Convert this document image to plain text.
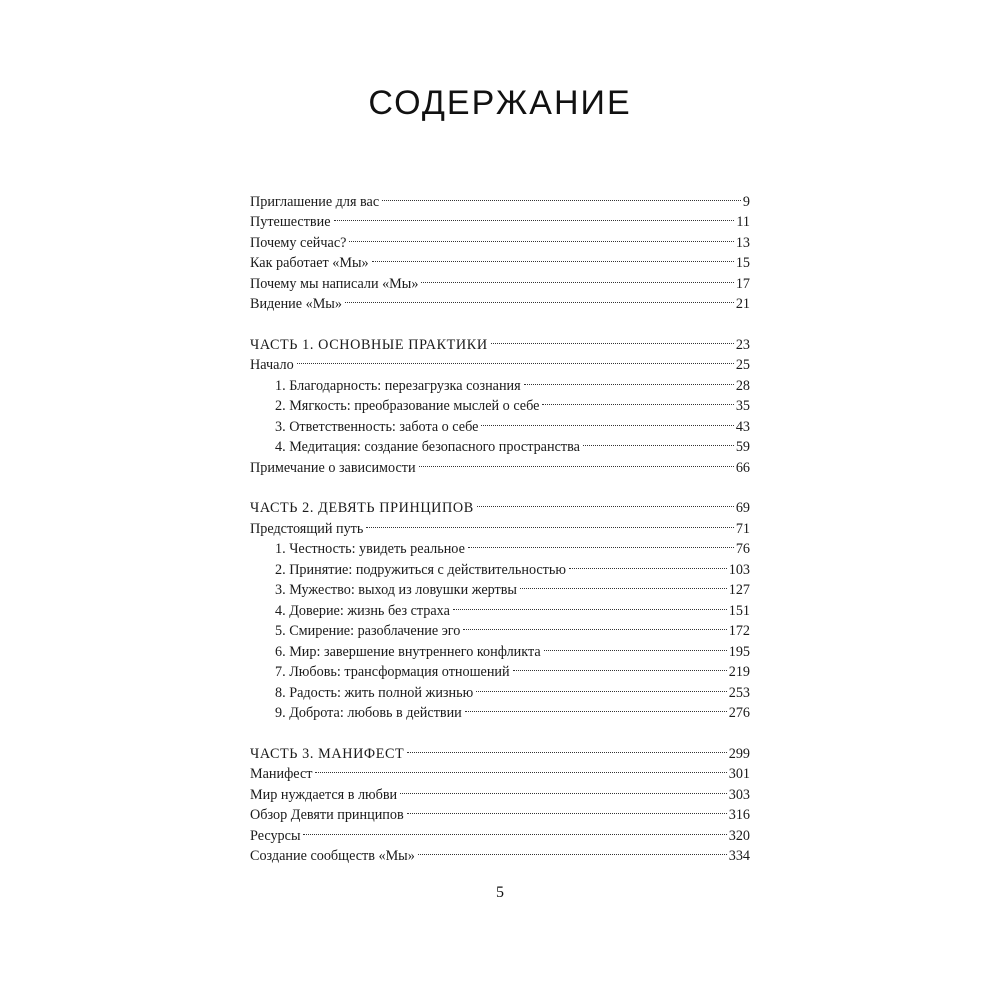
СОДЕРЖАНИЕ
Приглашение для вас	9
Путешествие	11
Почему сейчас?	13
Как работает «Мы»	15
Почему мы написали «Мы»	17
Видение «Мы»	21
ЧАСТЬ 1. ОСНОВНЫЕ ПРАКТИКИ	23
Начало	25
1. Благодарность: перезагрузка сознания	28
2. Мягкость: преобразование мыслей о себе	35
3. Ответственность: забота о себе	43
4. Медитация: создание безопасного пространства	59
Примечание о зависимости	66
ЧАСТЬ 2. ДЕВЯТЬ ПРИНЦИПОВ	69
Предстоящий путь	71
1. Честность: увидеть реальное	76
2. Принятие: подружиться с действительностью	103
3. Мужество: выход из ловушки жертвы	127
4. Доверие: жизнь без страха	151
5. Смирение: разоблачение эго	172
6. Мир: завершение внутреннего конфликта	195
7. Любовь: трансформация отношений	219
8. Радость: жить полной жизнью	253
9. Доброта: любовь в действии	276
ЧАСТЬ 3. МАНИФЕСТ	299
Манифест	301
Мир нуждается в любви	303
Обзор Девяти принципов	316
Ресурсы	320
Создание сообществ «Мы»	334
5
